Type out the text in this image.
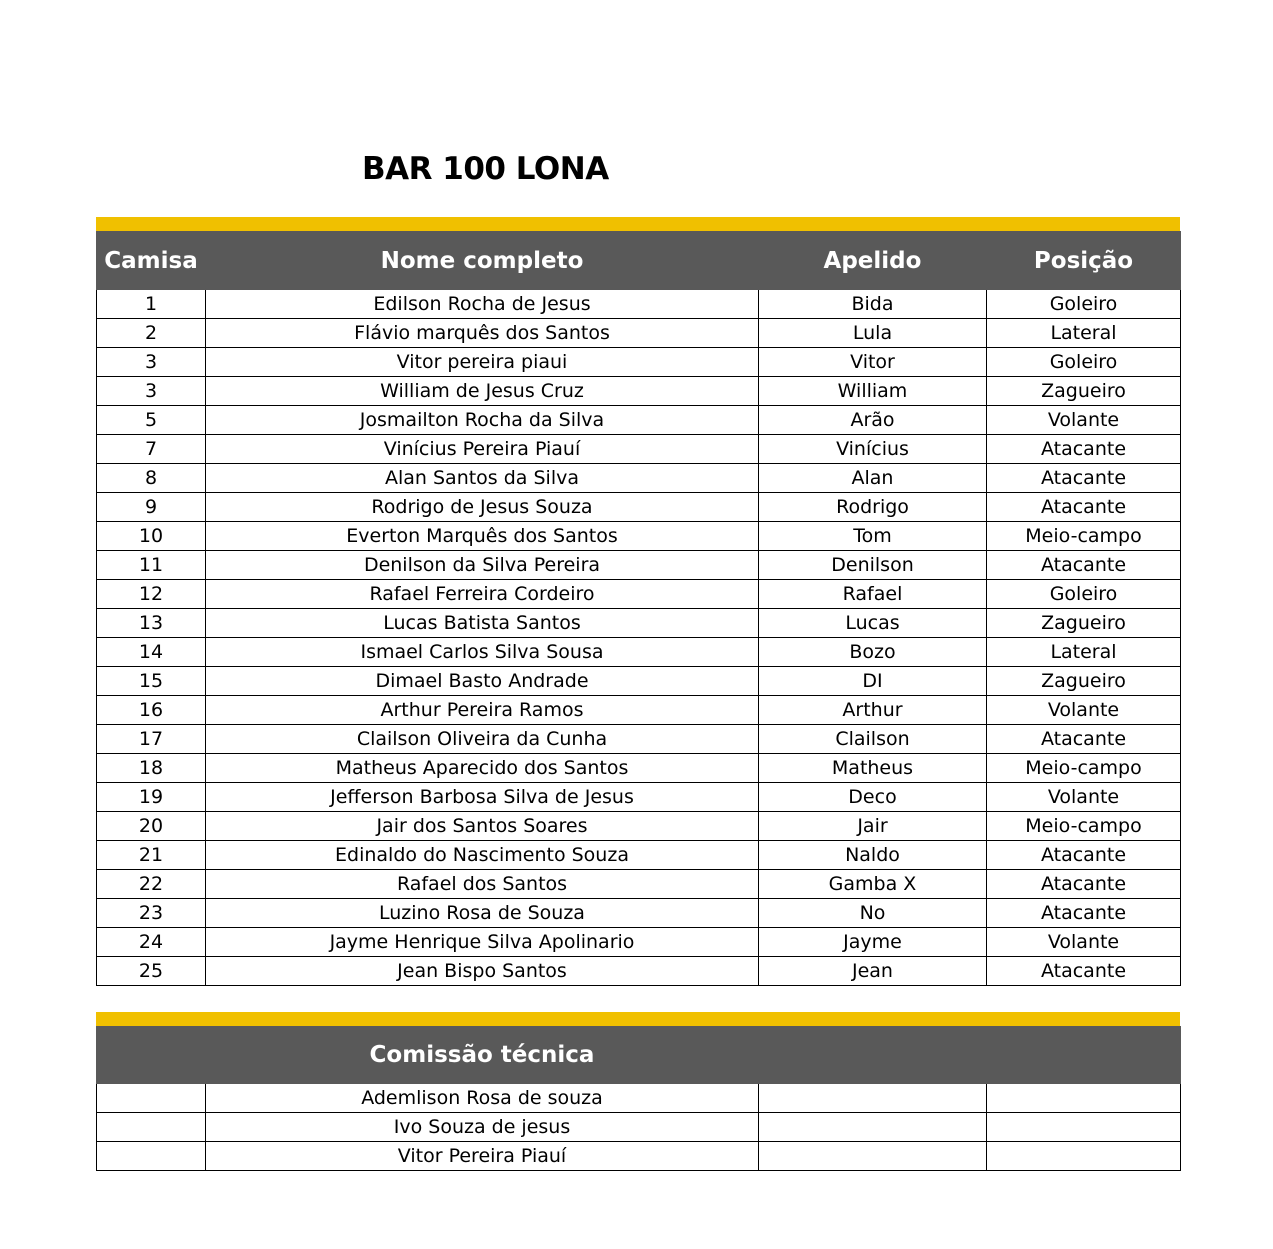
BAR 100 LONA
Camisa	Nome completo	Apelido	Posição
1	Edilson Rocha de Jesus	Bida	Goleiro
2	Flávio marquês dos Santos	Lula	Lateral
3	Vitor pereira piaui	Vitor	Goleiro
3	William de Jesus Cruz	William	Zagueiro
5	Josmailton Rocha da Silva	Arão	Volante
7	Vinícius Pereira Piauí	Vinícius	Atacante
8	Alan Santos da Silva	Alan	Atacante
9	Rodrigo de Jesus Souza	Rodrigo	Atacante
10	Everton Marquês dos Santos	Tom	Meio-campo
11	Denilson da Silva Pereira	Denilson	Atacante
12	Rafael Ferreira Cordeiro	Rafael	Goleiro
13	Lucas Batista Santos	Lucas	Zagueiro
14	Ismael Carlos Silva Sousa	Bozo	Lateral
15	Dimael Basto Andrade	DI	Zagueiro
16	Arthur Pereira Ramos	Arthur	Volante
17	Clailson Oliveira da Cunha	Clailson	Atacante
18	Matheus Aparecido dos Santos	Matheus	Meio-campo
19	Jefferson Barbosa Silva de Jesus	Deco	Volante
20	Jair dos Santos Soares	Jair	Meio-campo
21	Edinaldo do Nascimento Souza	Naldo	Atacante
22	Rafael dos Santos	Gamba X	Atacante
23	Luzino Rosa de Souza	No	Atacante
24	Jayme Henrique Silva Apolinario	Jayme	Volante
25	Jean Bispo Santos	Jean	Atacante
	Comissão técnica		
	Ademlison Rosa de souza		
	Ivo Souza de jesus		
	Vitor Pereira Piauí		
